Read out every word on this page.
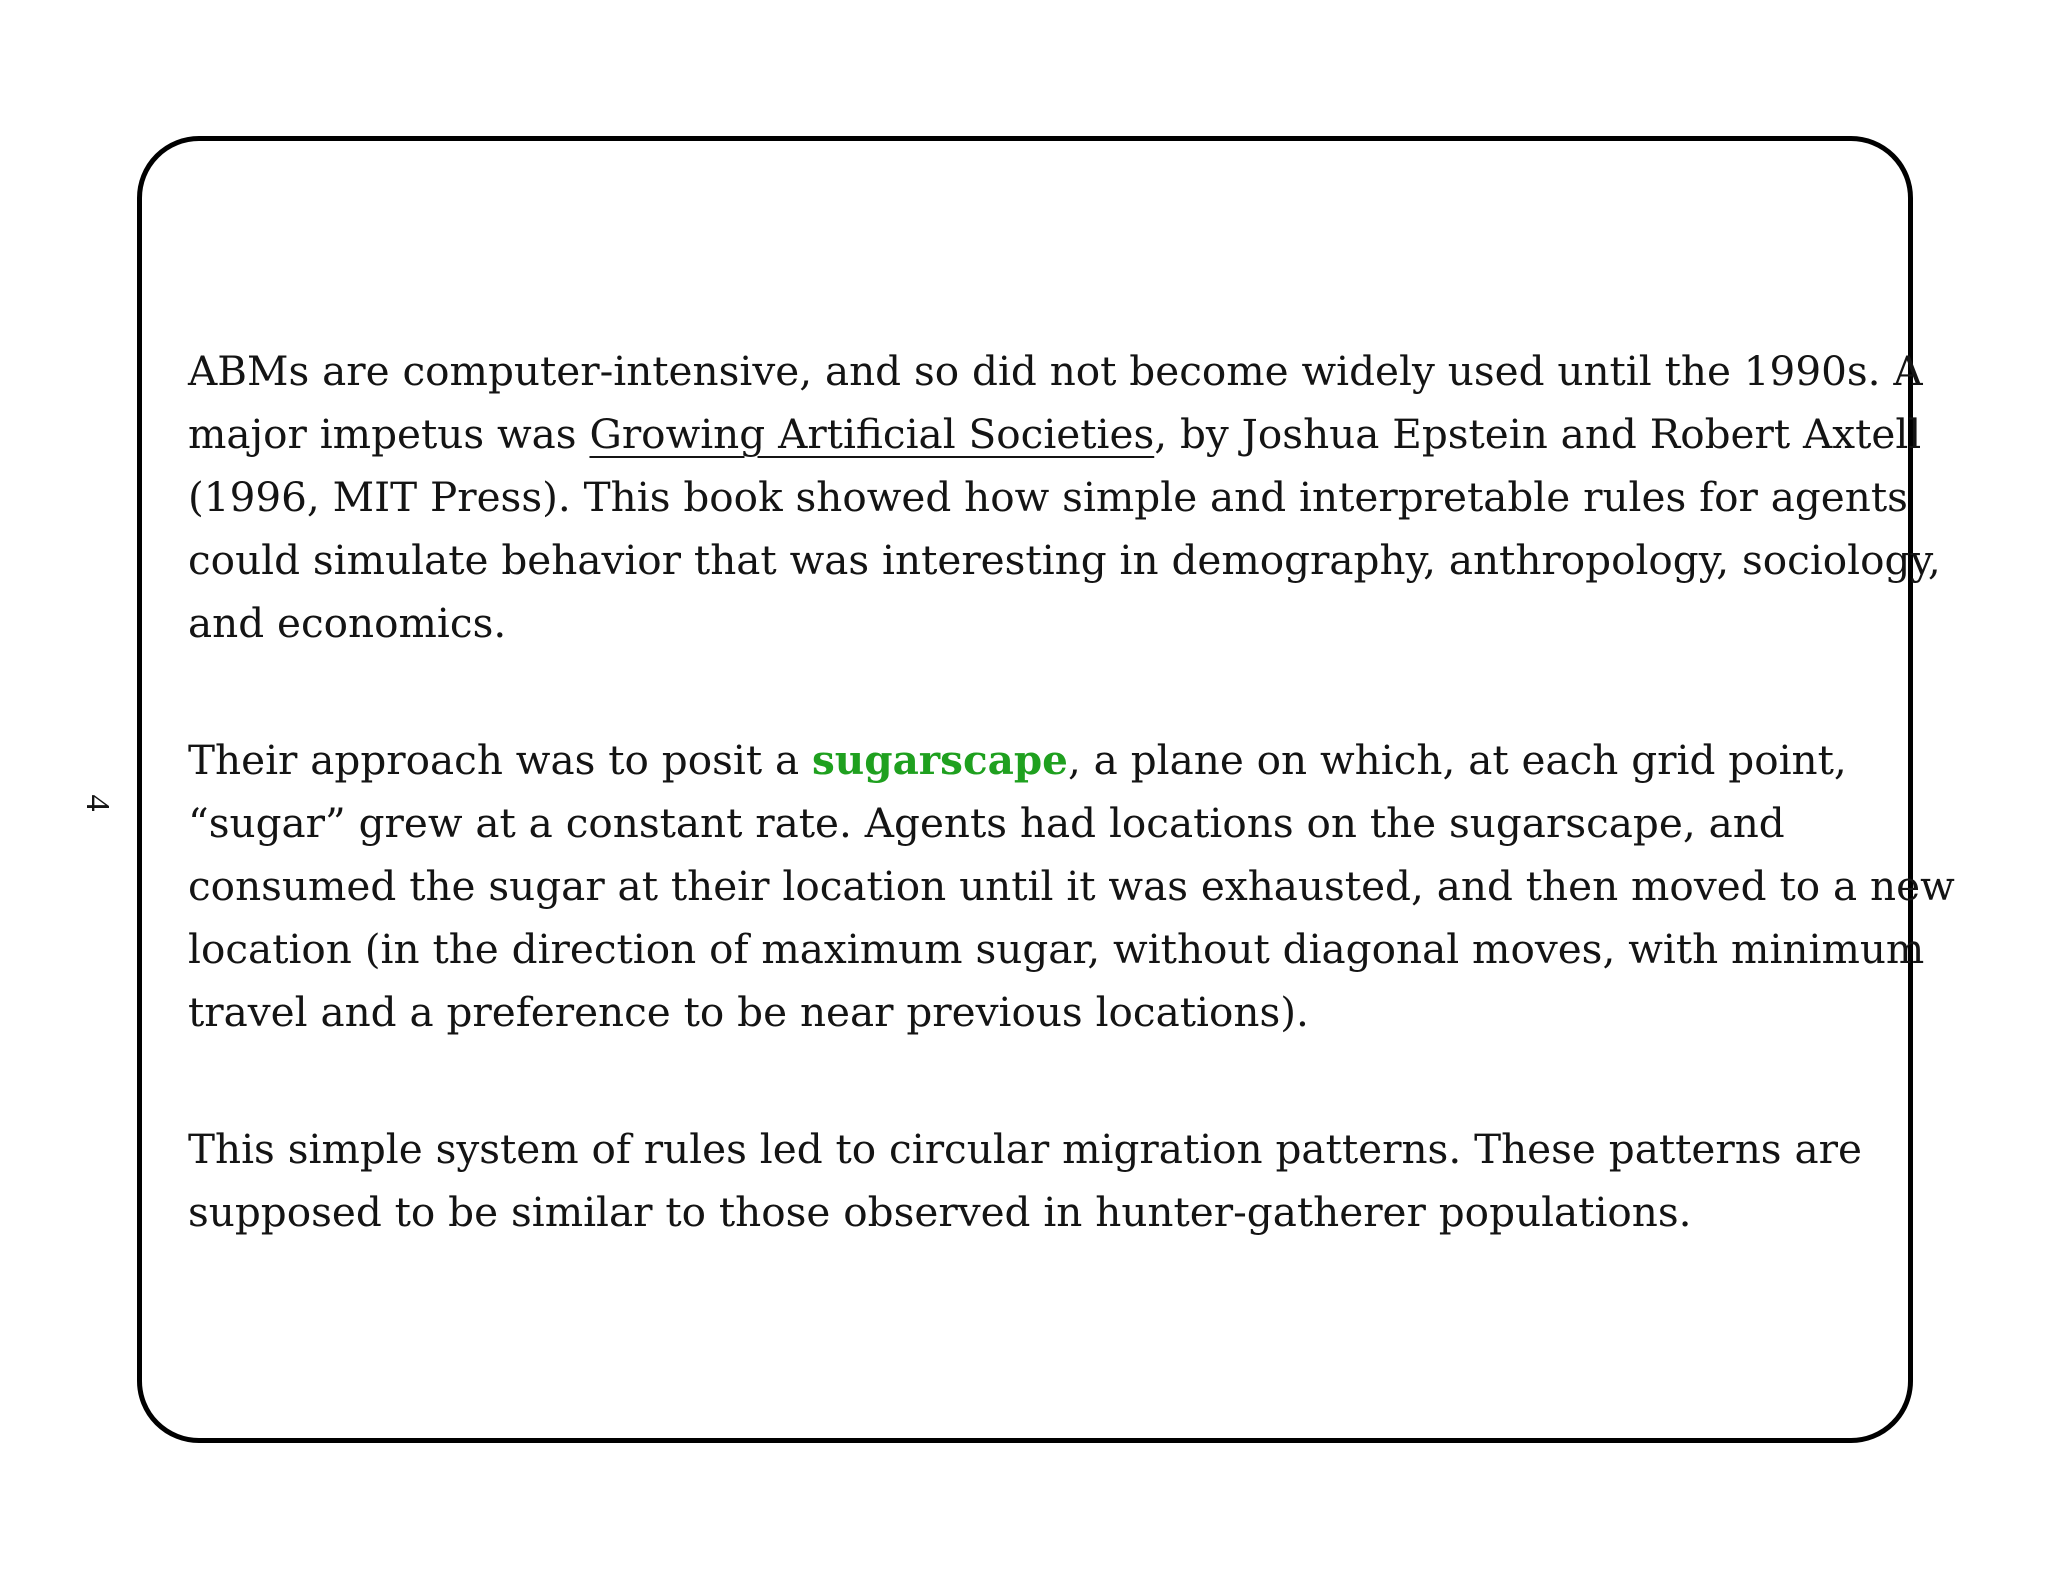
4

ABMs are computer-intensive, and so did not become widely used until the 1990s. A
major impetus was Growing Artificial Societies, by Joshua Epstein and Robert Axtell
(1996, MIT Press). This book showed how simple and interpretable rules for agents
could simulate behavior that was interesting in demography, anthropology, sociology,
and economics.

Their approach was to posit a sugarscape, a plane on which, at each grid point,
“sugar” grew at a constant rate. Agents had locations on the sugarscape, and
consumed the sugar at their location until it was exhausted, and then moved to a new
location (in the direction of maximum sugar, without diagonal moves, with minimum
travel and a preference to be near previous locations).

This simple system of rules led to circular migration patterns. These patterns are
supposed to be similar to those observed in hunter-gatherer populations.
